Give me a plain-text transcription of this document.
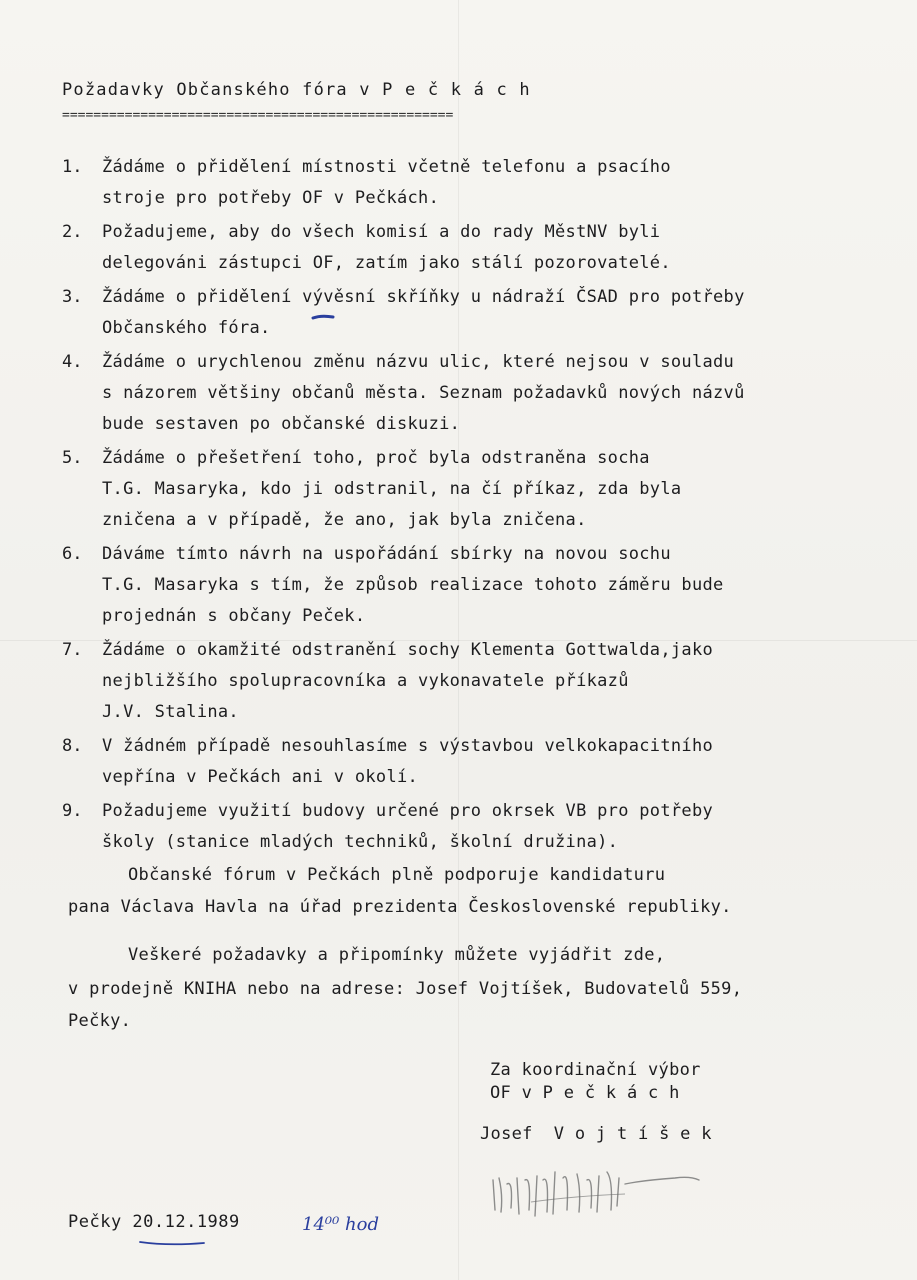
Požadavky Občanského fóra v P e č k á c h
==================================================
1. Žádáme o přidělení místnosti včetně telefonu a psacího
stroje pro potřeby OF v Pečkách.
2. Požadujeme, aby do všech komisí a do rady MěstNV byli
delegováni zástupci OF, zatím jako stálí pozorovatelé.
3. Žádáme o přidělení vývěsní skříňky u nádraží ČSAD pro potřeby
Občanského fóra.
4. Žádáme o urychlenou změnu názvu ulic, které nejsou v souladu
s názorem většiny občanů města. Seznam požadavků nových názvů
bude sestaven po občanské diskuzi.
5. Žádáme o přešetření toho, proč byla odstraněna socha
T.G. Masaryka, kdo ji odstranil, na čí příkaz, zda byla
zničena a v případě, že ano, jak byla zničena.
6. Dáváme tímto návrh na uspořádání sbírky na novou sochu
T.G. Masaryka s tím, že způsob realizace tohoto záměru bude
projednán s občany Peček.
7. Žádáme o okamžité odstranění sochy Klementa Gottwalda,jako
nejbližšího spolupracovníka a vykonavatele příkazů
J.V. Stalina.
8. V žádném případě nesouhlasíme s výstavbou velkokapacitního
vepřína v Pečkách ani v okolí.
9. Požadujeme využití budovy určené pro okrsek VB pro potřeby
školy (stanice mladých techniků, školní družina).
Občanské fórum v Pečkách plně podporuje kandidaturu
pana Václava Havla na úřad prezidenta Československé republiky.
Veškeré požadavky a připomínky můžete vyjádřit zde,
v prodejně KNIHA nebo na adrese: Josef Vojtíšek, Budovatelů 559,
Pečky.
Za koordinační výbor
OF v P e č k á c h
Josef  V o j t í š e k
Pečky 20.12.1989	14⁰⁰ hod
